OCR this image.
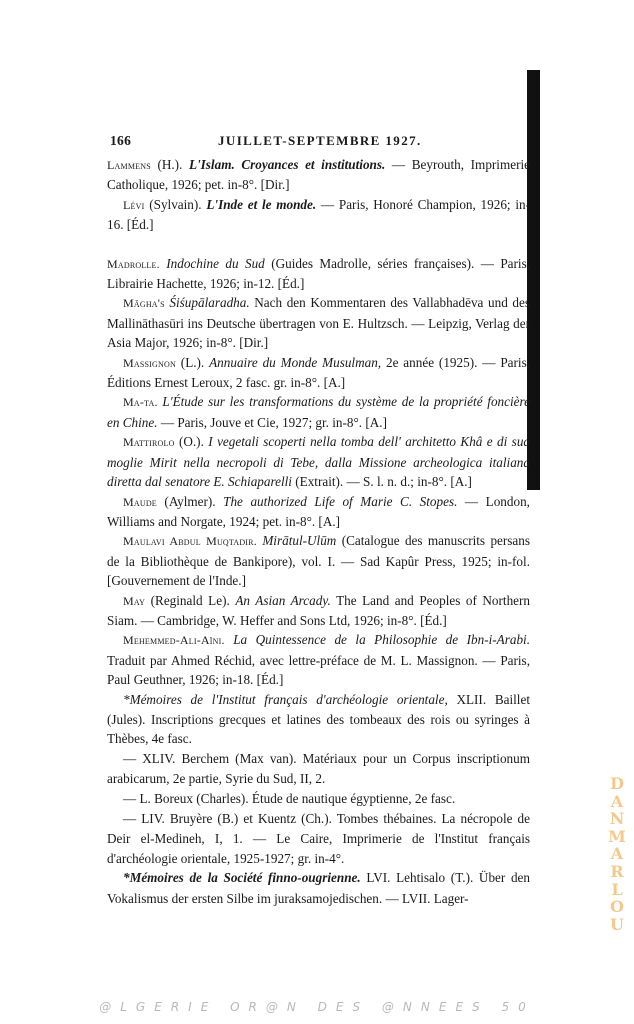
166	JUILLET-SEPTEMBRE 1927.

Lammens (H.). L'Islam. Croyances et institutions. — Beyrouth, Imprimerie Catholique, 1926; pet. in-8°. [Dir.]

Lévi (Sylvain). L'Inde et le monde. — Paris, Honoré Champion, 1926; in-16. [Éd.]

Madrolle. Indochine du Sud (Guides Madrolle, séries françaises). — Paris, Librairie Hachette, 1926; in-12. [Éd.]

Māgha's Śiśupālaradha. Nach den Kommentaren des Vallabhadēva und des Mallināthasūri ins Deutsche übertragen von E. Hultzsch. — Leipzig, Verlag der Asia Major, 1926; in-8°. [Dir.]

Massignon (L.). Annuaire du Monde Musulman, 2e année (1925). — Paris, Éditions Ernest Leroux, 2 fasc. gr. in-8°. [A.]

Ma-ta. L'Étude sur les transformations du système de la propriété foncière en Chine. — Paris, Jouve et Cie, 1927; gr. in-8°. [A.]

Mattirolo (O.). I vegetali scoperti nella tomba dell' architetto Khâ e di sua moglie Mirit nella necropoli di Tebe, dalla Missione archeologica italiana diretta dal senatore E. Schiaparelli (Extrait). — S. l. n. d.; in-8°. [A.]

Maude (Aylmer). The authorized Life of Marie C. Stopes. — London, Williams and Norgate, 1924; pet. in-8°. [A.]

Maulavi Abdul Muqtadir. Mirātul-Ulūm (Catalogue des manuscrits persans de la Bibliothèque de Bankipore), vol. I. — Sad Kapûr Press, 1925; in-fol. [Gouvernement de l'Inde.]

May (Reginald Le). An Asian Arcady. The Land and Peoples of Northern Siam. — Cambridge, W. Heffer and Sons Ltd, 1926; in-8°. [Éd.]

Mehemmed-Ali-Aïni. La Quintessence de la Philosophie de Ibn-i-Arabi. Traduit par Ahmed Réchid, avec lettre-préface de M. L. Massignon. — Paris, Paul Geuthner, 1926; in-18. [Éd.]

*Mémoires de l'Institut français d'archéologie orientale, XLII. Baillet (Jules). Inscriptions grecques et latines des tombeaux des rois ou syringes à Thèbes, 4e fasc.

— XLIV. Berchem (Max van). Matériaux pour un Corpus inscriptionum arabicarum, 2e partie, Syrie du Sud, II, 2.

— L. Boreux (Charles). Étude de nautique égyptienne, 2e fasc.

— LIV. Bruyère (B.) et Kuentz (Ch.). Tombes thébaines. La nécropole de Deir el-Medineh, I, 1. — Le Caire, Imprimerie de l'Institut français d'archéologie orientale, 1925-1927; gr. in-4°.

*Mémoires de la Société finno-ougrienne. LVI. Lehtisalo (T.). Über den Vokalismus der ersten Silbe im juraksamojedischen. — LVII. Lager-

D
A
N
M
A
R
L
O
U
@LGERIE OR@N DES @NNEES 50
